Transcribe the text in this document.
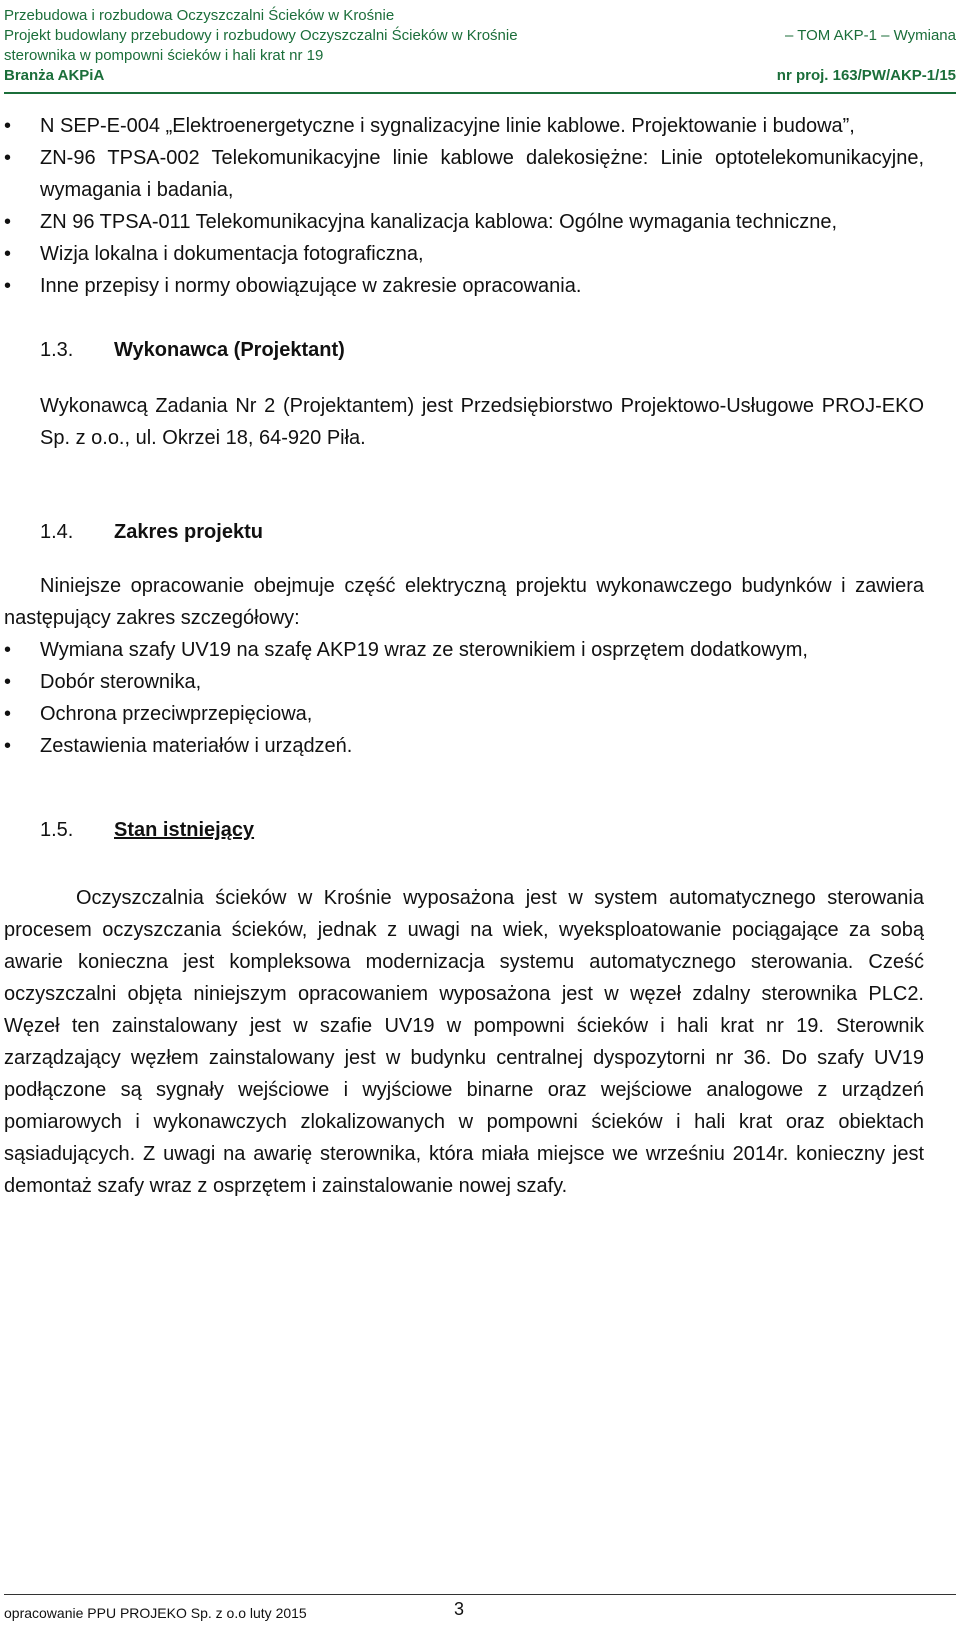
Przebudowa i rozbudowa Oczyszczalni Ścieków w Krośnie
Projekt budowlany przebudowy i rozbudowy Oczyszczalni Ścieków w Krośnie	– TOM AKP-1 – Wymiana
sterownika w pompowni ścieków i hali krat nr 19
Branża AKPiA	nr proj. 163/PW/AKP-1/15
• N SEP-E-004 „Elektroenergetyczne i sygnalizacyjne linie kablowe. Projektowanie i budowa”,
• ZN-96 TPSA-002 Telekomunikacyjne linie kablowe dalekosiężne: Linie optotelekomunikacyjne, wymagania i badania,
• ZN 96 TPSA-011 Telekomunikacyjna kanalizacja kablowa: Ogólne wymagania techniczne,
• Wizja lokalna i dokumentacja fotograficzna,
• Inne przepisy i normy obowiązujące w zakresie opracowania.
1.3.	Wykonawca (Projektant)
Wykonawcą Zadania Nr 2 (Projektantem) jest Przedsiębiorstwo Projektowo-Usługowe PROJ-EKO Sp. z o.o., ul. Okrzei 18, 64-920 Piła.
1.4.	Zakres projektu
Niniejsze opracowanie obejmuje część elektryczną projektu wykonawczego budynków i zawiera następujący zakres szczegółowy:
• Wymiana szafy UV19 na szafę AKP19 wraz ze sterownikiem i osprzętem dodatkowym,
• Dobór sterownika,
• Ochrona przeciwprzepięciowa,
• Zestawienia materiałów i urządzeń.
1.5.	Stan istniejący
Oczyszczalnia ścieków w Krośnie wyposażona jest w system automatycznego sterowania procesem oczyszczania ścieków, jednak z uwagi na wiek, wyeksploatowanie pociągające za sobą awarie konieczna jest kompleksowa modernizacja systemu automatycznego sterowania. Cześć oczyszczalni objęta niniejszym opracowaniem wyposażona jest w węzeł zdalny sterownika PLC2. Węzeł ten zainstalowany jest w szafie UV19 w pompowni ścieków i hali krat nr 19. Sterownik zarządzający węzłem zainstalowany jest w budynku centralnej dyspozytorni nr 36. Do szafy UV19 podłączone są sygnały wejściowe i wyjściowe binarne oraz wejściowe analogowe z urządzeń pomiarowych i wykonawczych zlokalizowanych w pompowni ścieków i hali krat oraz obiektach sąsiadujących. Z uwagi na awarię sterownika, która miała miejsce we wrześniu 2014r. konieczny jest demontaż szafy wraz z osprzętem i zainstalowanie nowej szafy.
opracowanie PPU PROJEKO Sp. z o.o luty 2015	3
